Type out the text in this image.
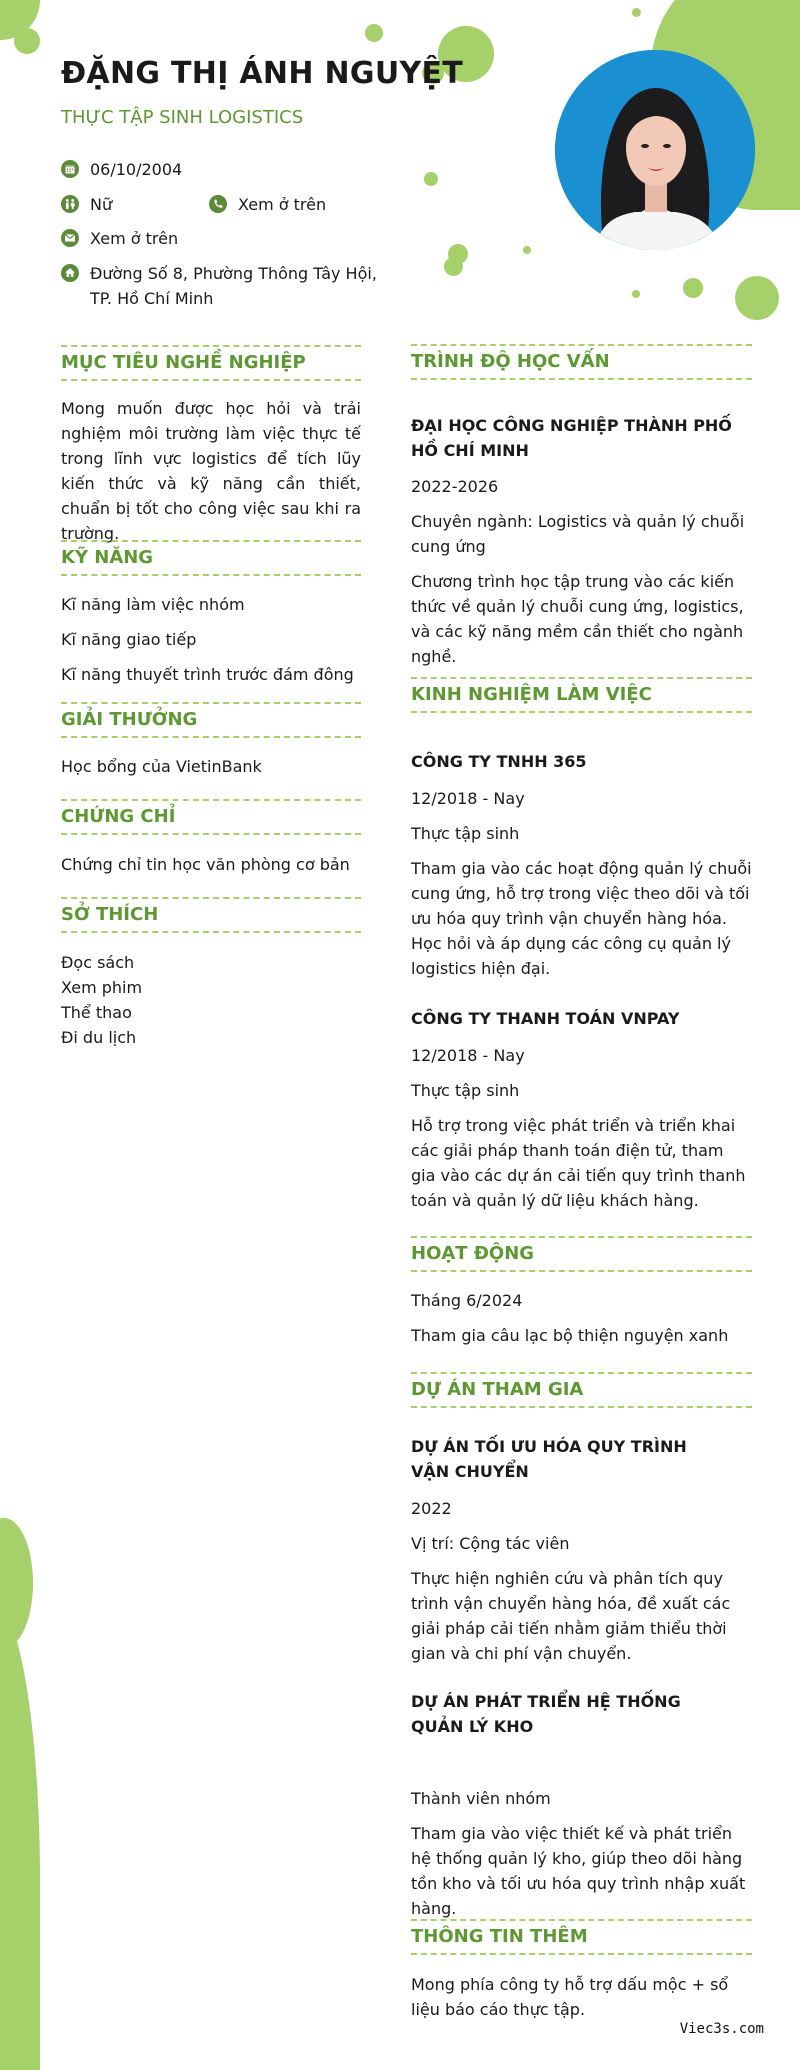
ĐẶNG THỊ ÁNH NGUYỆT
THỰC TẬP SINH LOGISTICS
06/10/2004
Nữ	Xem ở trên
Xem ở trên
Đường Số 8, Phường Thông Tây Hội, TP. Hồ Chí Minh
MỤC TIÊU NGHỀ NGHIỆP
Mong muốn được học hỏi và trải nghiệm môi trường làm việc thực tế trong lĩnh vực logistics để tích lũy kiến thức và kỹ năng cần thiết, chuẩn bị tốt cho công việc sau khi ra trường.
KỸ NĂNG
Kĩ năng làm việc nhóm
Kĩ năng giao tiếp
Kĩ năng thuyết trình trước đám đông
GIẢI THƯỞNG
Học bổng của VietinBank
CHỨNG CHỈ
Chứng chỉ tin học văn phòng cơ bản
SỞ THÍCH
Đọc sách
Xem phim
Thể thao
Đi du lịch
TRÌNH ĐỘ HỌC VẤN
ĐẠI HỌC CÔNG NGHIỆP THÀNH PHỐ HỒ CHÍ MINH
2022-2026
Chuyên ngành: Logistics và quản lý chuỗi cung ứng
Chương trình học tập trung vào các kiến thức về quản lý chuỗi cung ứng, logistics, và các kỹ năng mềm cần thiết cho ngành nghề.
KINH NGHIỆM LÀM VIỆC
CÔNG TY TNHH 365
12/2018 - Nay
Thực tập sinh
Tham gia vào các hoạt động quản lý chuỗi cung ứng, hỗ trợ trong việc theo dõi và tối ưu hóa quy trình vận chuyển hàng hóa. Học hỏi và áp dụng các công cụ quản lý logistics hiện đại.
CÔNG TY THANH TOÁN VNPAY
12/2018 - Nay
Thực tập sinh
Hỗ trợ trong việc phát triển và triển khai các giải pháp thanh toán điện tử, tham gia vào các dự án cải tiến quy trình thanh toán và quản lý dữ liệu khách hàng.
HOẠT ĐỘNG
Tháng 6/2024
Tham gia câu lạc bộ thiện nguyện xanh
DỰ ÁN THAM GIA
DỰ ÁN TỐI ƯU HÓA QUY TRÌNH VẬN CHUYỂN
2022
Vị trí: Cộng tác viên
Thực hiện nghiên cứu và phân tích quy trình vận chuyển hàng hóa, đề xuất các giải pháp cải tiến nhằm giảm thiểu thời gian và chi phí vận chuyển.
DỰ ÁN PHÁT TRIỂN HỆ THỐNG QUẢN LÝ KHO
Thành viên nhóm
Tham gia vào việc thiết kế và phát triển hệ thống quản lý kho, giúp theo dõi hàng tồn kho và tối ưu hóa quy trình nhập xuất hàng.
THÔNG TIN THÊM
Mong phía công ty hỗ trợ dấu mộc + sổ liệu báo cáo thực tập.
Viec3s.com
